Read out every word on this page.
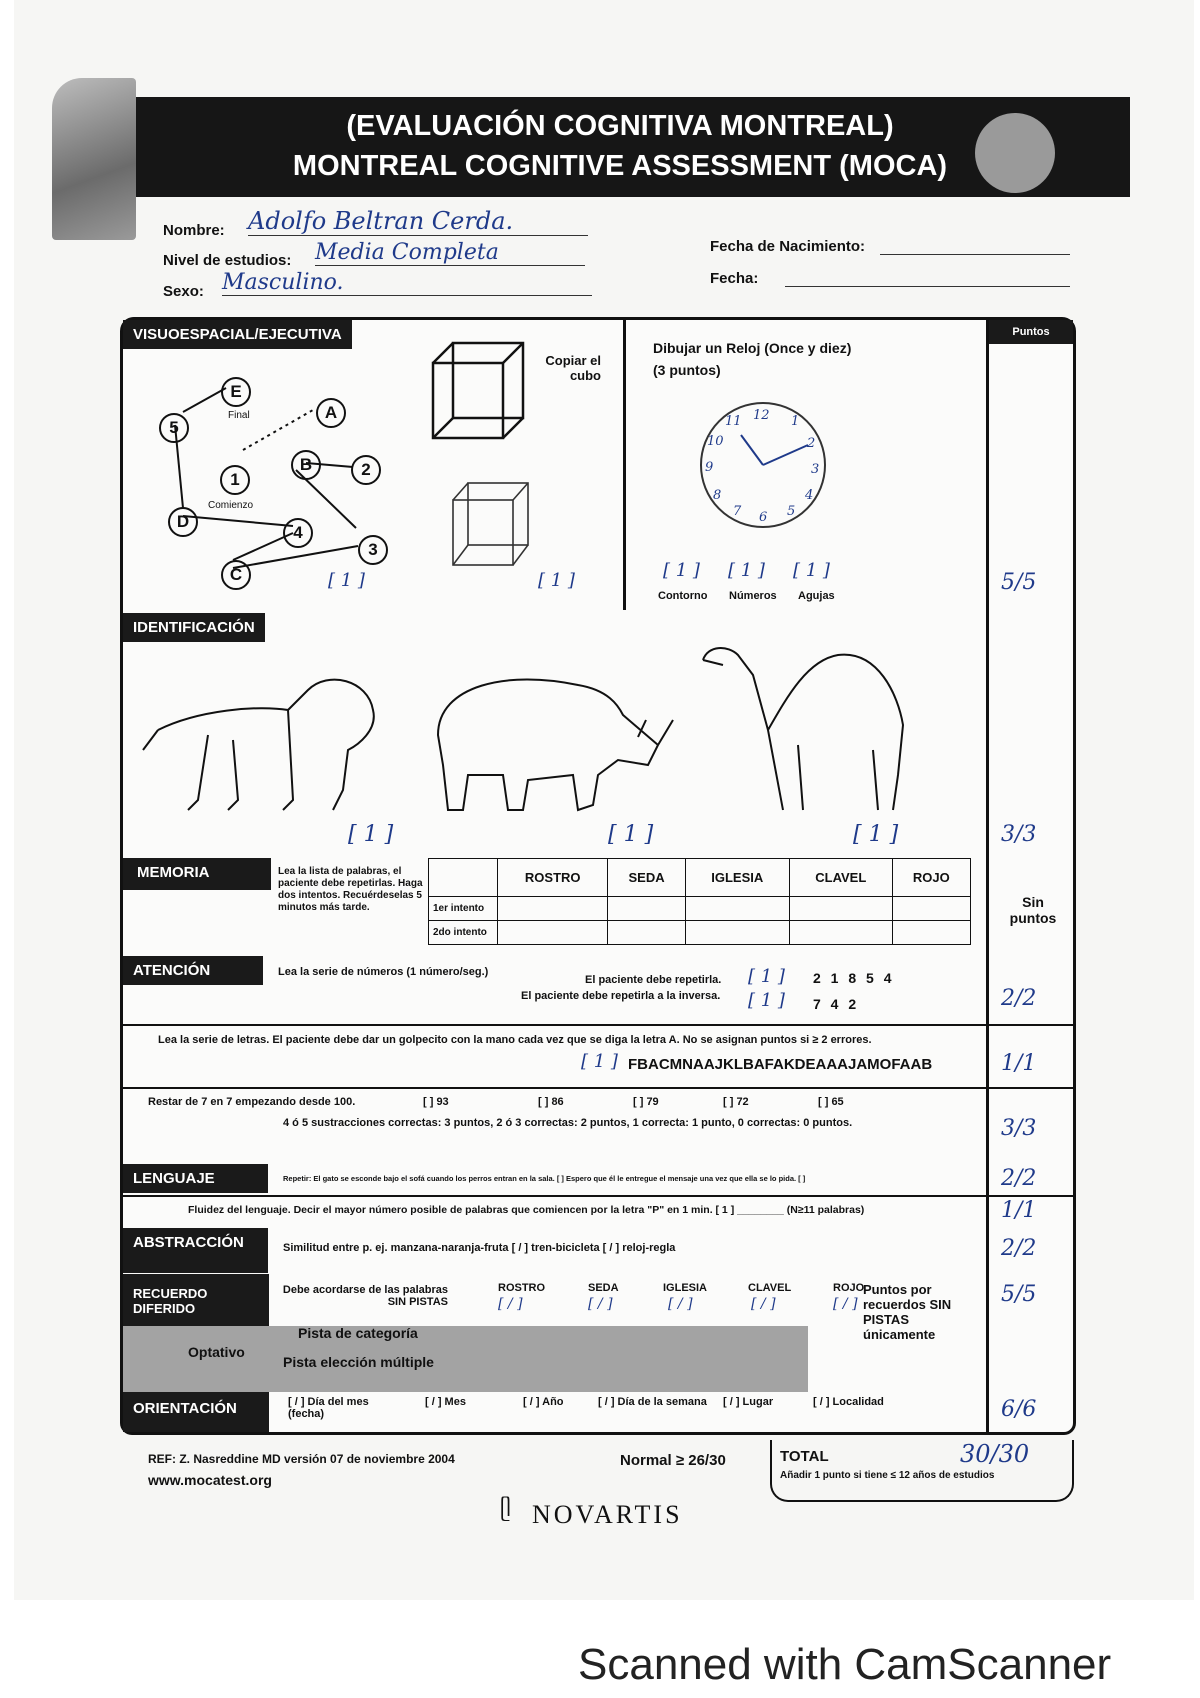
(EVALUACIÓN COGNITIVA MONTREAL)
MONTREAL COGNITIVE ASSESSMENT (MOCA)
Nombre: Adolfo Beltran Cerda.
Nivel de estudios: Media Completa
Sexo: Masculino.
Fecha de Nacimiento:
Fecha:
VISUOESPACIAL/EJECUTIVA
E
A
5
B	2
1
D
4
C
3
Final
Comienzo
[ 1 ]
Copiar el cubo
[ 1 ]
Dibujar un Reloj (Once y diez)
(3 puntos)
12 1
2
3
4
5
6
7
8
9
10
11
[ 1 ] [ 1 ] [ 1 ]
Contorno Números Agujas
Puntos
5/5
IDENTIFICACIÓN
[ 1 ]	[ 1 ]	[ 1 ]	3/3
MEMORIA	Lea la lista de palabras, el paciente debe repetirlas. Haga dos intentos. Recuérdeselas 5 minutos más tarde.
	ROSTRO	SEDA	IGLESIA	CLAVEL	ROJO
1er intento					
2do intento					
Sin puntos
ATENCIÓN	Lea la serie de números (1 número/seg.)
El paciente debe repetirla.
El paciente debe repetirla a la inversa.
[ 1 ] 2 1 8 5 4
[ 1 ] 7 4 2	2/2
Lea la serie de letras. El paciente debe dar un golpecito con la mano cada vez que se diga la letra A. No se asignan puntos si ≥ 2 errores.
[ 1 ] FBACMNAAJKLBAFAKDEAAAJAMOFAAB	1/1
Restar de 7 en 7 empezando desde 100.	[ ] 93	[ ] 86	[ ] 79	[ ] 72	[ ] 65
4 ó 5 sustracciones correctas: 3 puntos, 2 ó 3 correctas: 2 puntos, 1 correcta: 1 punto, 0 correctas: 0 puntos.	3/3
LENGUAJE	Repetir: El gato se esconde bajo el sofá cuando los perros entran en la sala. [ ] Espero que él le entregue el mensaje una vez que ella se lo pida. [ ]	2/2
Fluidez del lenguaje. Decir el mayor número posible de palabras que comiencen por la letra "P" en 1 min. [ 1 ] ________ (N≥11 palabras)	1/1
ABSTRACCIÓN	Similitud entre p. ej. manzana-naranja-fruta [ / ] tren-bicicleta [ / ] reloj-regla	2/2
RECUERDO DIFERIDO
Optativo
Debe acordarse de las palabras SIN PISTAS
ROSTRO	SEDA	IGLESIA	CLAVEL	ROJO
[ / ]	[ / ]	[ / ]	[ / ]	[ / ]
Pista de categoría
Pista elección múltiple
Puntos por recuerdos SIN PISTAS únicamente
5/5
ORIENTACIÓN	[ / ] Día del mes (fecha)
[ / ] Mes	[ / ] Año	[ / ] Día de la semana [ / ] Lugar	[ / ] Localidad	6/6
REF: Z. Nasreddine MD versión 07 de noviembre 2004
www.mocatest.org
Normal ≥ 26/30	TOTAL	30/30
Añadir 1 punto si tiene ≤ 12 años de estudios
ᥫ NOVARTIS
Scanned with CamScanner
